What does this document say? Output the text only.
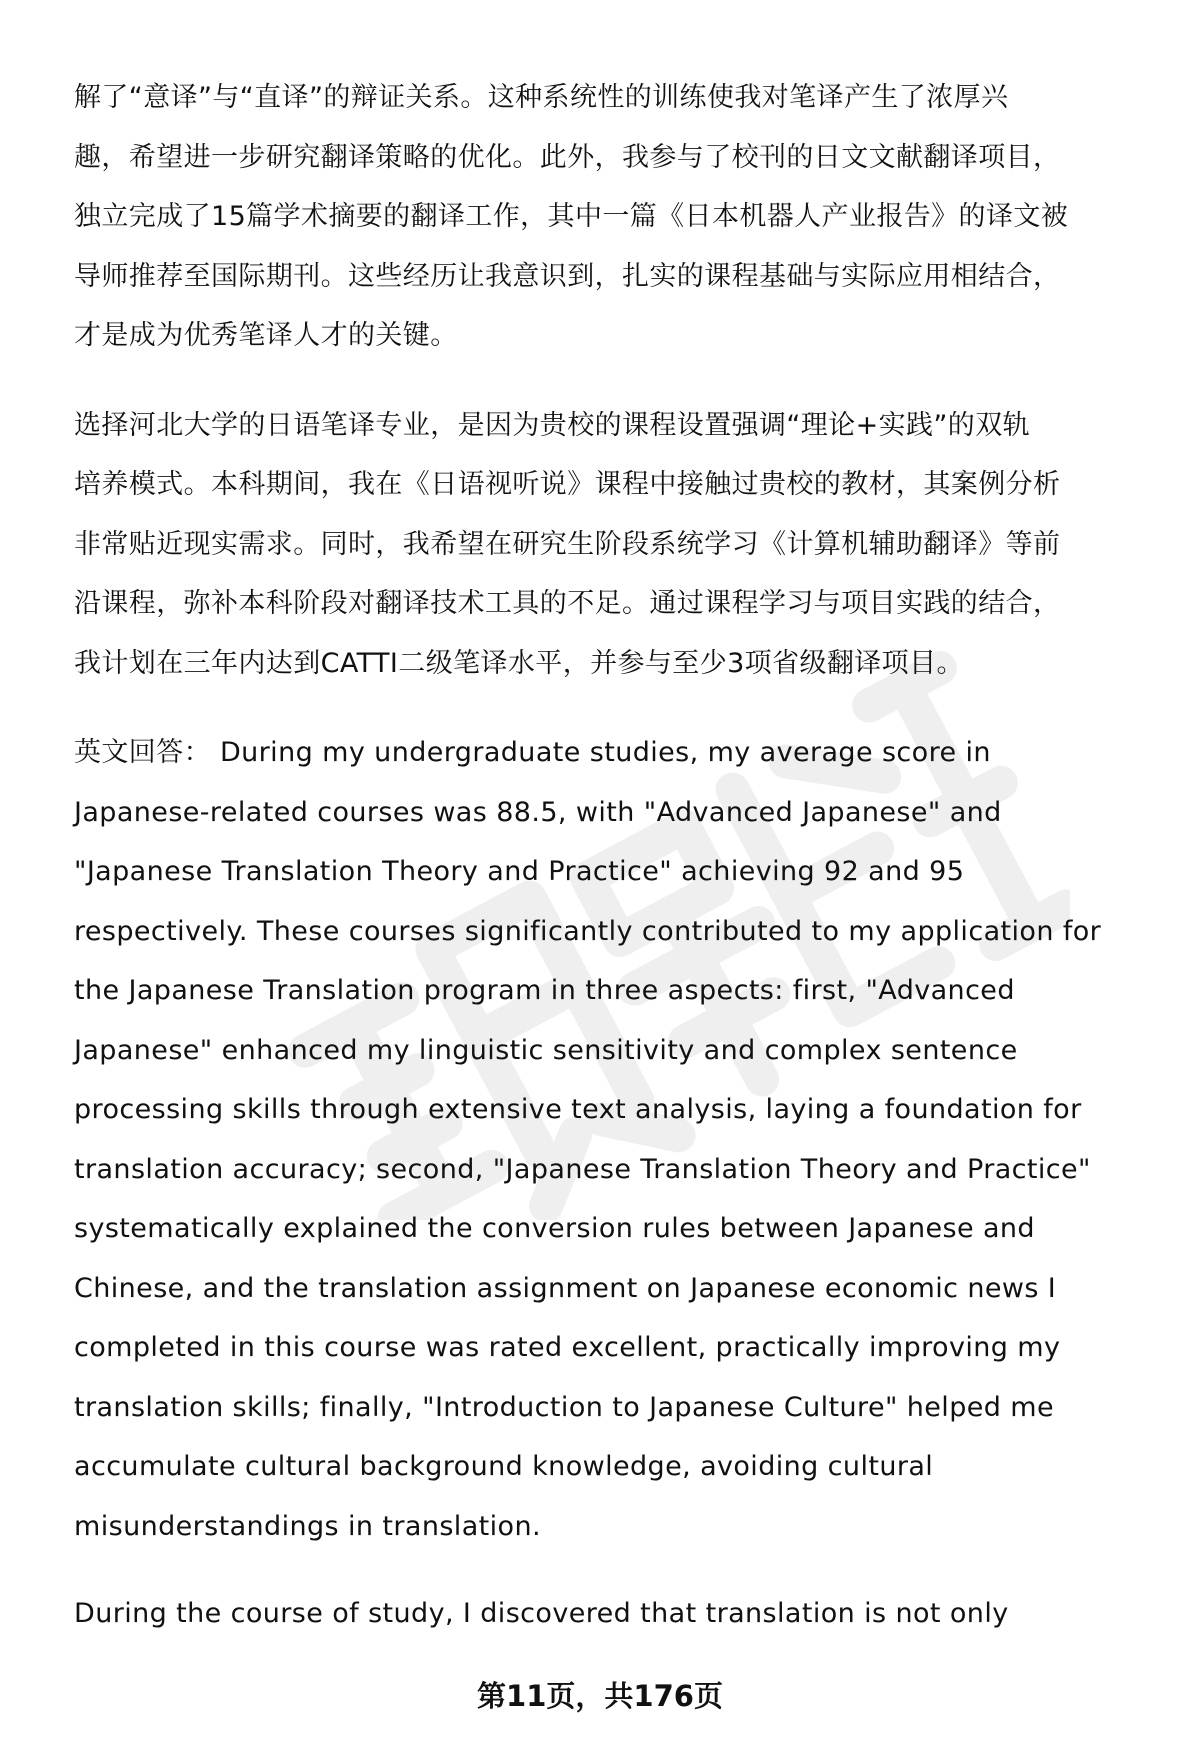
解了“意译”与“直译”的辩证关系。这种系统性的训练使我对笔译产生了浓厚兴
趣，希望进一步研究翻译策略的优化。此外，我参与了校刊的日文文献翻译项目，
独立完成了15篇学术摘要的翻译工作，其中一篇《日本机器人产业报告》的译文被
导师推荐至国际期刊。这些经历让我意识到，扎实的课程基础与实际应用相结合，
才是成为优秀笔译人才的关键。

选择河北大学的日语笔译专业，是因为贵校的课程设置强调“理论+实践”的双轨
培养模式。本科期间，我在《日语视听说》课程中接触过贵校的教材，其案例分析
非常贴近现实需求。同时，我希望在研究生阶段系统学习《计算机辅助翻译》等前
沿课程，弥补本科阶段对翻译技术工具的不足。通过课程学习与项目实践的结合，
我计划在三年内达到CATTI二级笔译水平，并参与至少3项省级翻译项目。

英文回答： During my undergraduate studies, my average score in
Japanese-related courses was 88.5, with "Advanced Japanese" and
"Japanese Translation Theory and Practice" achieving 92 and 95
respectively. These courses significantly contributed to my application for
the Japanese Translation program in three aspects: first, "Advanced
Japanese" enhanced my linguistic sensitivity and complex sentence
processing skills through extensive text analysis, laying a foundation for
translation accuracy; second, "Japanese Translation Theory and Practice"
systematically explained the conversion rules between Japanese and
Chinese, and the translation assignment on Japanese economic news I
completed in this course was rated excellent, practically improving my
translation skills; finally, "Introduction to Japanese Culture" helped me
accumulate cultural background knowledge, avoiding cultural
misunderstandings in translation.

During the course of study, I discovered that translation is not only

第11页，共176页
